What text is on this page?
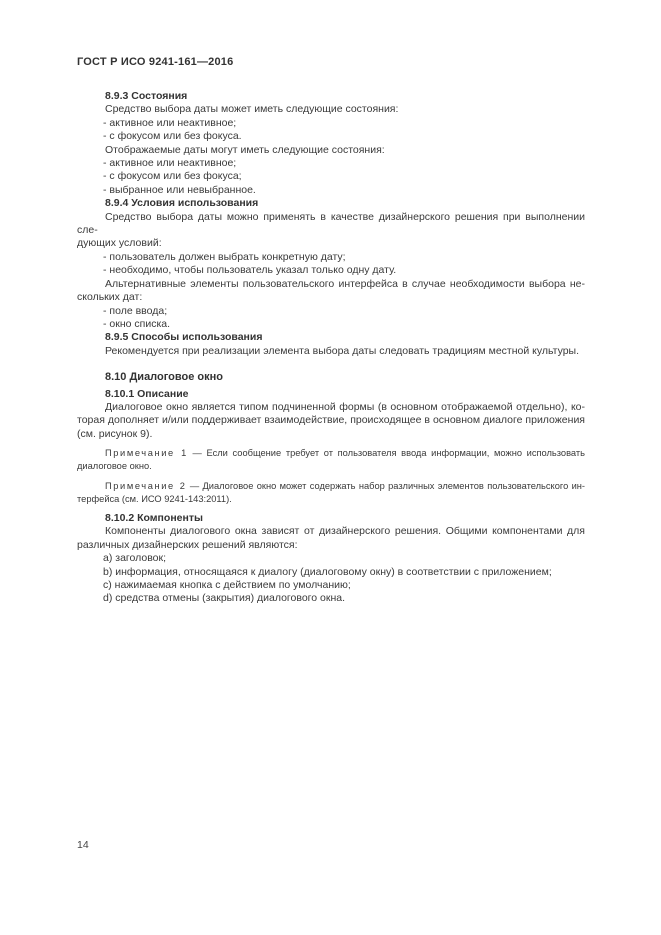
ГОСТ Р ИСО 9241-161—2016
8.9.3 Состояния
Средство выбора даты может иметь следующие состояния:
- активное или неактивное;
- с фокусом или без фокуса.
Отображаемые даты могут иметь следующие состояния:
- активное или неактивное;
- с фокусом или без фокуса;
- выбранное или невыбранное.
8.9.4 Условия использования
Средство выбора даты можно применять в качестве дизайнерского решения при выполнении сле-
дующих условий:
- пользователь должен выбрать конкретную дату;
- необходимо, чтобы пользователь указал только одну дату.
Альтернативные элементы пользовательского интерфейса в случае необходимости выбора не-
скольких дат:
- поле ввода;
- окно списка.
8.9.5 Способы использования
Рекомендуется при реализации элемента выбора даты следовать традициям местной культуры.
8.10 Диалоговое окно
8.10.1 Описание
Диалоговое окно является типом подчиненной формы (в основном отображаемой отдельно), ко-
торая дополняет и/или поддерживает взаимодействие, происходящее в основном диалоге приложения
(см. рисунок 9).
Примечание 1 — Если сообщение требует от пользователя ввода информации, можно использовать
диалоговое окно.
Примечание 2 — Диалоговое окно может содержать набор различных элементов пользовательского ин-
терфейса (см. ИСО 9241-143:2011).
8.10.2 Компоненты
Компоненты диалогового окна зависят от дизайнерского решения. Общими компонентами для
различных дизайнерских решений являются:
a) заголовок;
b) информация, относящаяся к диалогу (диалоговому окну) в соответствии с приложением;
c) нажимаемая кнопка с действием по умолчанию;
d) средства отмены (закрытия) диалогового окна.
14
